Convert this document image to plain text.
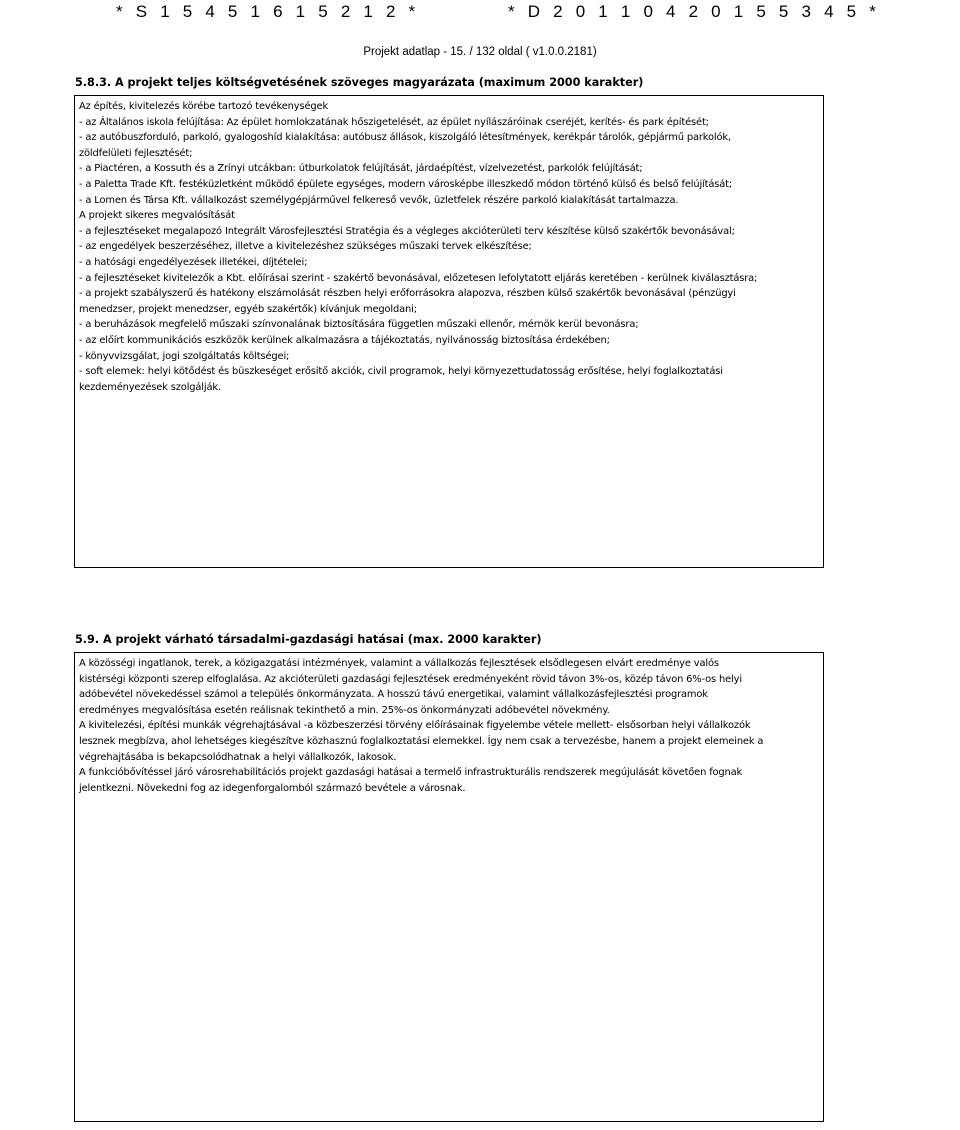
* S 1 5 4 5 1 6 1 5 2 1 2 *	* D 2 0 1 1 0 4 2 0 1 5 5 3 4 5 *
Projekt adatlap - 15. / 132 oldal ( v1.0.0.2181)
5.8.3. A projekt teljes költségvetésének szöveges magyarázata (maximum 2000 karakter)
Az építés, kivitelezés körébe tartozó tevékenységek
- az Általános iskola felújítása: Az épület homlokzatának hőszigetelését, az épület nyílászáróinak cseréjét, kerítés- és park építését;
- az autóbuszforduló, parkoló, gyalogoshíd kialakítása: autóbusz állások, kiszolgáló létesítmények, kerékpár tárolók, gépjármű parkolók,
zöldfelületi fejlesztését;
- a Piactéren, a Kossuth és a Zrínyi utcákban: útburkolatok felújítását, járdaépítést, vízelvezetést, parkolók felújítását;
- a Paletta Trade Kft. festéküzletként működő épülete egységes, modern városképbe illeszkedő módon történő külső és belső felújítását;
- a Lomen és Társa Kft. vállalkozást személygépjárművel felkereső vevők, üzletfelek részére parkoló kialakítását tartalmazza.
A projekt sikeres megvalósítását
- a fejlesztéseket megalapozó Integrált Városfejlesztési Stratégia és a végleges akcióterületi terv készítése külső szakértők bevonásával;
- az engedélyek beszerzéséhez, illetve a kivitelezéshez szükséges műszaki tervek elkészítése;
- a hatósági engedélyezések illetékei, díjtételei;
- a fejlesztéseket kivitelezők a Kbt. előírásai szerint - szakértő bevonásával, előzetesen lefolytatott eljárás keretében - kerülnek kiválasztásra;
- a projekt szabályszerű és hatékony elszámolását részben helyi erőforrásokra alapozva, részben külső szakértők bevonásával (pénzügyi
menedzser, projekt menedzser, egyéb szakértők) kívánjuk megoldani;
- a beruházások megfelelő műszaki színvonalának biztosítására független műszaki ellenőr, mérnök kerül bevonásra;
- az előírt kommunikációs eszközök kerülnek alkalmazásra a tájékoztatás, nyilvánosság biztosítása érdekében;
- könyvvizsgálat, jogi szolgáltatás költségei;
- soft elemek: helyi kötődést és büszkeséget erősítő akciók, civil programok, helyi környezettudatosság erősítése, helyi foglalkoztatási
kezdeményezések szolgálják.
5.9. A projekt várható társadalmi-gazdasági hatásai (max. 2000 karakter)
A közösségi ingatlanok, terek, a közigazgatási intézmények, valamint a vállalkozás fejlesztések elsődlegesen elvárt eredménye valós
kistérségi központi szerep elfoglalása. Az akcióterületi gazdasági fejlesztések eredményeként rövid távon 3%-os, közép távon 6%-os helyi
adóbevétel növekedéssel számol a település önkormányzata. A hosszú távú energetikai, valamint vállalkozásfejlesztési programok
eredményes megvalósítása esetén reálisnak tekinthető a min. 25%-os önkormányzati adóbevétel növekmény.
A kivitelezési, építési munkák végrehajtásával -a közbeszerzési törvény előírásainak figyelembe vétele mellett- elsősorban helyi vállalkozók
lesznek megbízva, ahol lehetséges kiegészítve közhasznú foglalkoztatási elemekkel. Így nem csak a tervezésbe, hanem a projekt elemeinek a
végrehajtásába is bekapcsolódhatnak a helyi vállalkozók, lakosok.
A funkcióbővítéssel járó városrehabilitációs projekt gazdasági hatásai a termelő infrastrukturális rendszerek megújulását követően fognak
jelentkezni. Növekedni fog az idegenforgalomból származó bevétele a városnak.
